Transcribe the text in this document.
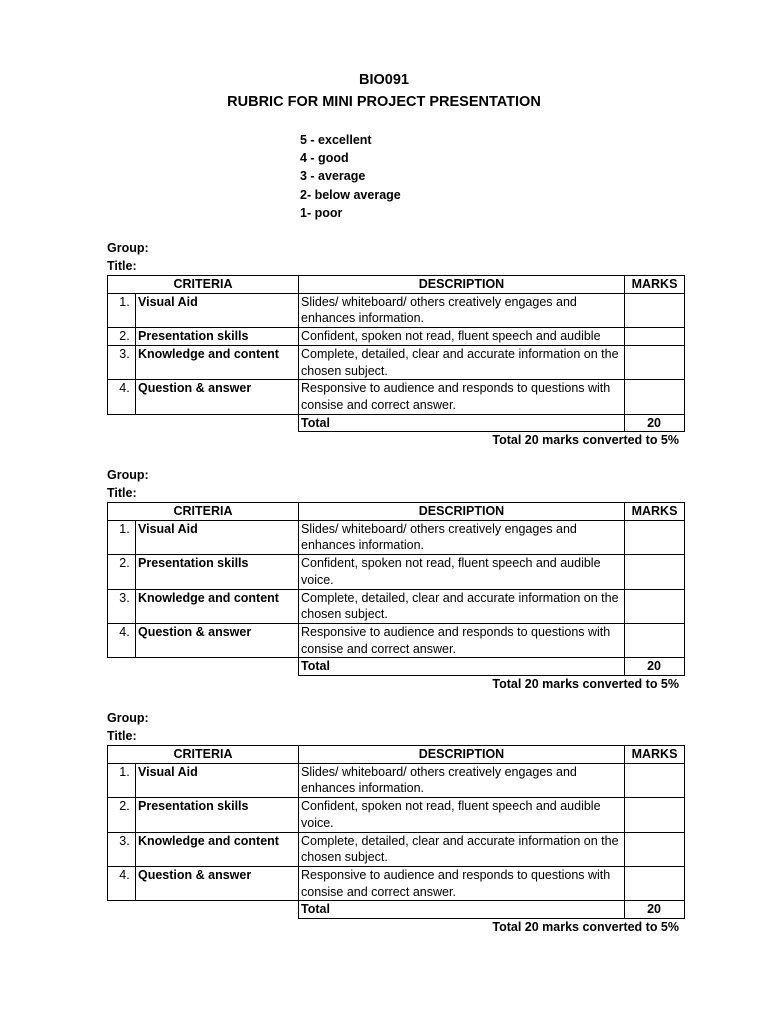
BIO091
RUBRIC FOR MINI PROJECT PRESENTATION
5 - excellent
4 - good
3 - average
2- below average
1- poor
Group:
Title:
CRITERIA		DESCRIPTION	MARKS
1.	Visual Aid	Slides/ whiteboard/ others creatively engages and enhances information.	
2.	Presentation skills	Confident, spoken not read, fluent speech and audible	
3.	Knowledge and content	Complete, detailed, clear and accurate information on the chosen subject.	
4.	Question & answer	Responsive to audience and responds to questions with consise and correct answer.	
		Total	20
Total 20 marks converted to 5%
Group:
Title:
CRITERIA		DESCRIPTION	MARKS
1.	Visual Aid	Slides/ whiteboard/ others creatively engages and enhances information.	
2.	Presentation skills	Confident, spoken not read, fluent speech and audible voice.	
3.	Knowledge and content	Complete, detailed, clear and accurate information on the chosen subject.	
4.	Question & answer	Responsive to audience and responds to questions with consise and correct answer.	
		Total	20
Total 20 marks converted to 5%
Group:
Title:
CRITERIA		DESCRIPTION	MARKS
1.	Visual Aid	Slides/ whiteboard/ others creatively engages and enhances information.	
2.	Presentation skills	Confident, spoken not read, fluent speech and audible voice.	
3.	Knowledge and content	Complete, detailed, clear and accurate information on the chosen subject.	
4.	Question & answer	Responsive to audience and responds to questions with consise and correct answer.	
		Total	20
Total 20 marks converted to 5%
